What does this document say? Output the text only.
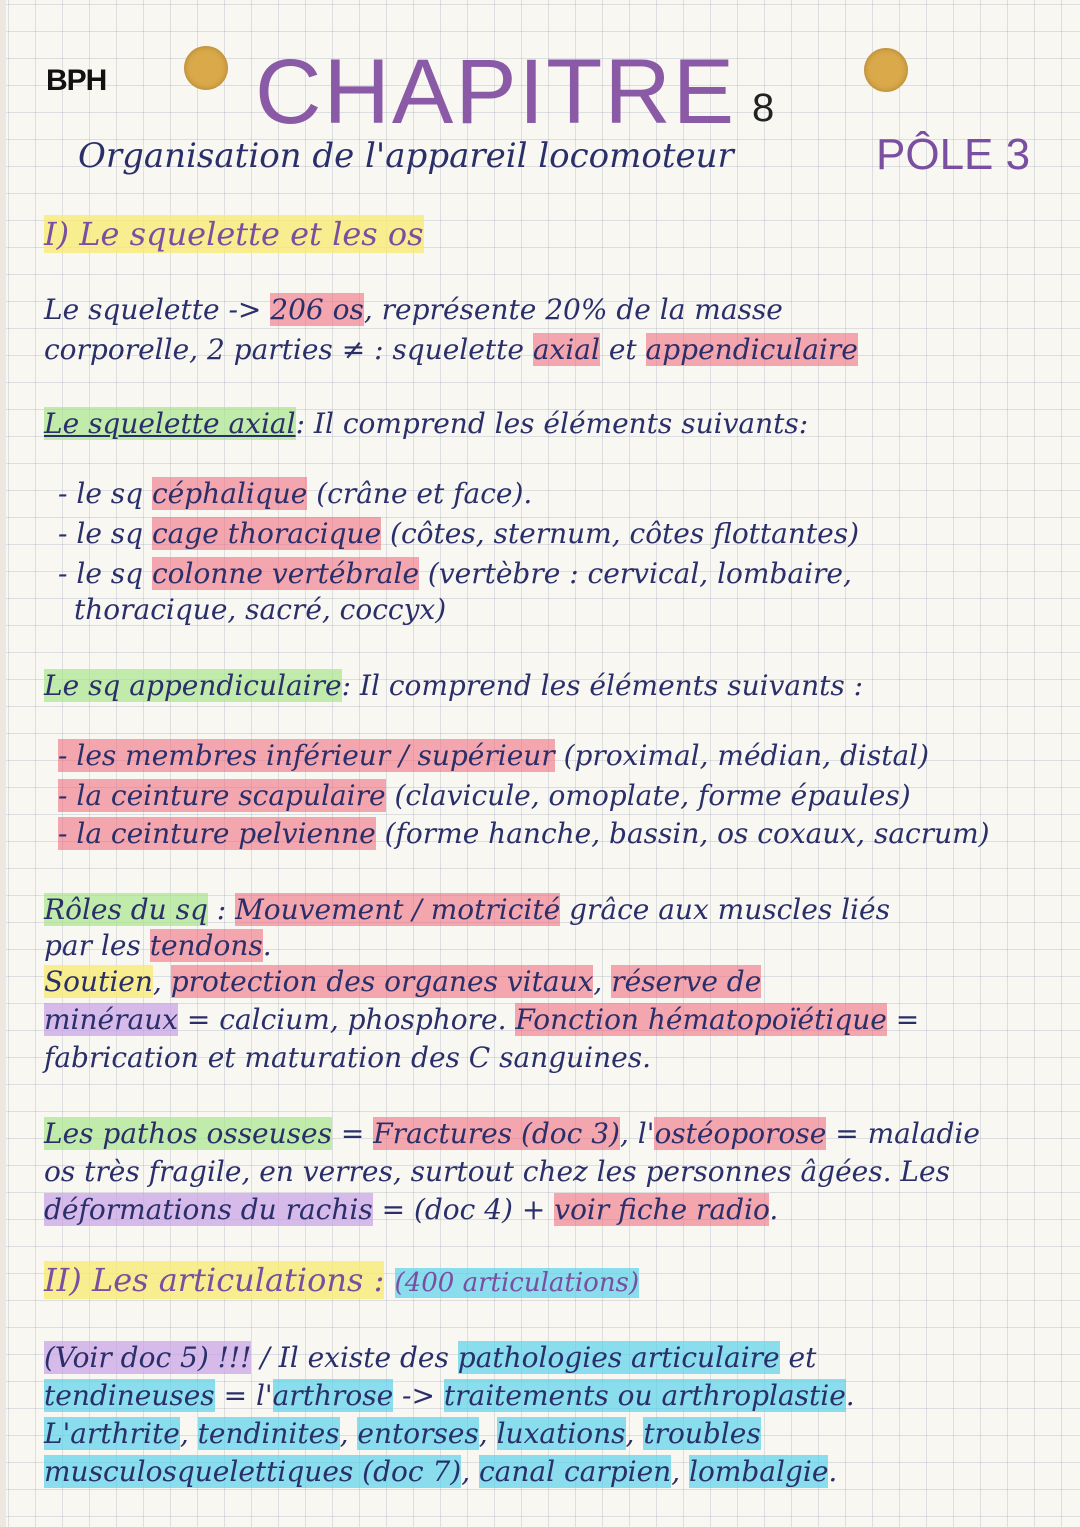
BPH CHAPITRE 8
Organisation de l'appareil locomoteur	PÔLE 3
I) Le squelette et les os
Le squelette -> 206 os, représente 20% de la masse
corporelle, 2 parties ≠ : squelette axial et appendiculaire
Le squelette axial: Il comprend les éléments suivants:
- le sq céphalique (crâne et face).
- le sq cage thoracique (côtes, sternum, côtes flottantes)
- le sq colonne vertébrale (vertèbre : cervical, lombaire,
thoracique, sacré, coccyx)
Le sq appendiculaire: Il comprend les éléments suivants :
- les membres inférieur / supérieur (proximal, médian, distal)
- la ceinture scapulaire (clavicule, omoplate, forme épaules)
- la ceinture pelvienne (forme hanche, bassin, os coxaux, sacrum)
Rôles du sq : Mouvement / motricité grâce aux muscles liés
par les tendons.
Soutien, protection des organes vitaux, réserve de
minéraux = calcium, phosphore. Fonction hématopoïétique =
fabrication et maturation des C sanguines.
Les pathos osseuses = Fractures (doc 3), l'ostéoporose = maladie
os très fragile, en verres, surtout chez les personnes âgées. Les
déformations du rachis = (doc 4) + voir fiche radio.
II) Les articulations : (400 articulations)
(Voir doc 5) !!! / Il existe des pathologies articulaire et
tendineuses = l'arthrose -> traitements ou arthroplastie.
L'arthrite, tendinites, entorses, luxations, troubles
musculosquelettiques (doc 7), canal carpien, lombalgie.
